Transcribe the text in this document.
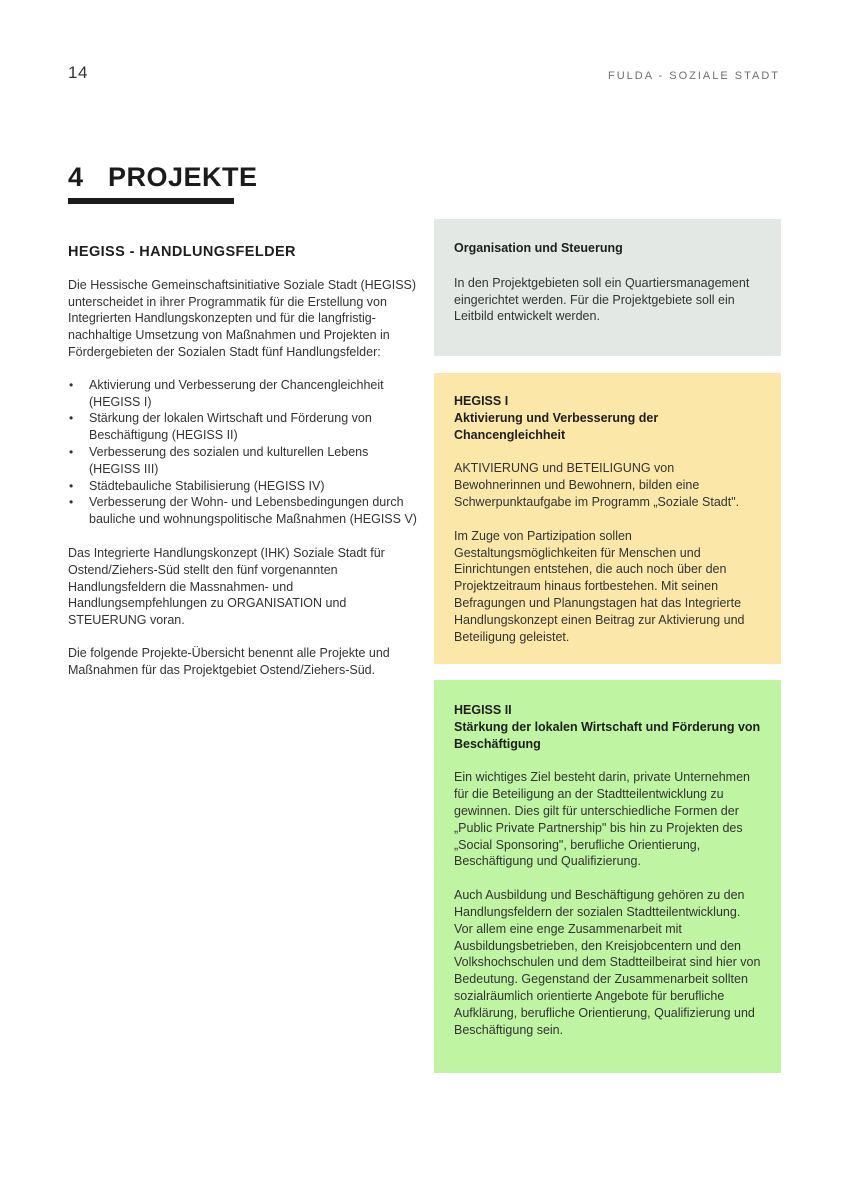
14	FULDA - SOZIALE STADT
4 PROJEKTE
HEGISS - HANDLUNGSFELDER

Die Hessische Gemeinschaftsinitiative Soziale Stadt (HEGISS) unterscheidet in ihrer Programmatik für die Erstellung von Integrierten Handlungskonzepten und für die langfristig-nachhaltige Umsetzung von Maßnahmen und Projekten in Fördergebieten der Sozialen Stadt fünf Handlungsfelder:

• Aktivierung und Verbesserung der Chancengleichheit (HEGISS I)
• Stärkung der lokalen Wirtschaft und Förderung von Beschäftigung (HEGISS II)
• Verbesserung des sozialen und kulturellen Lebens (HEGISS III)
• Städtebauliche Stabilisierung (HEGISS IV)
• Verbesserung der Wohn- und Lebensbedingungen durch bauliche und wohnungspolitische Maßnahmen (HEGISS V)

Das Integrierte Handlungskonzept (IHK) Soziale Stadt für Ostend/Ziehers-Süd stellt den fünf vorgenannten Handlungsfeldern die Massnahmen- und Handlungsempfehlungen zu ORGANISATION und STEUERUNG voran.

Die folgende Projekte-Übersicht benennt alle Projekte und Maßnahmen für das Projektgebiet Ostend/Ziehers-Süd.

Organisation und Steuerung

In den Projektgebieten soll ein Quartiersmanagement eingerichtet werden. Für die Projektgebiete soll ein Leitbild entwickelt werden.

HEGISS I
Aktivierung und Verbesserung der Chancengleichheit

AKTIVIERUNG und BETEILIGUNG von Bewohnerinnen und Bewohnern, bilden eine Schwerpunktaufgabe im Programm „Soziale Stadt".

Im Zuge von Partizipation sollen Gestaltungsmöglichkeiten für Menschen und Einrichtungen entstehen, die auch noch über den Projektzeitraum hinaus fortbestehen. Mit seinen Befragungen und Planungstagen hat das Integrierte Handlungskonzept einen Beitrag zur Aktivierung und Beteiligung geleistet.

HEGISS II
Stärkung der lokalen Wirtschaft und Förderung von Beschäftigung

Ein wichtiges Ziel besteht darin, private Unternehmen für die Beteiligung an der Stadtteilentwicklung zu gewinnen. Dies gilt für unterschiedliche Formen der „Public Private Partnership" bis hin zu Projekten des „Social Sponsoring", berufliche Orientierung, Beschäftigung und Qualifizierung.

Auch Ausbildung und Beschäftigung gehören zu den Handlungsfeldern der sozialen Stadtteilentwicklung. Vor allem eine enge Zusammenarbeit mit Ausbildungsbetrieben, den Kreisjobcentern und den Volkshochschulen und dem Stadtteilbeirat sind hier von Bedeutung. Gegenstand der Zusammenarbeit sollten sozialräumlich orientierte Angebote für berufliche Aufklärung, berufliche Orientierung, Qualifizierung und Beschäftigung sein.
